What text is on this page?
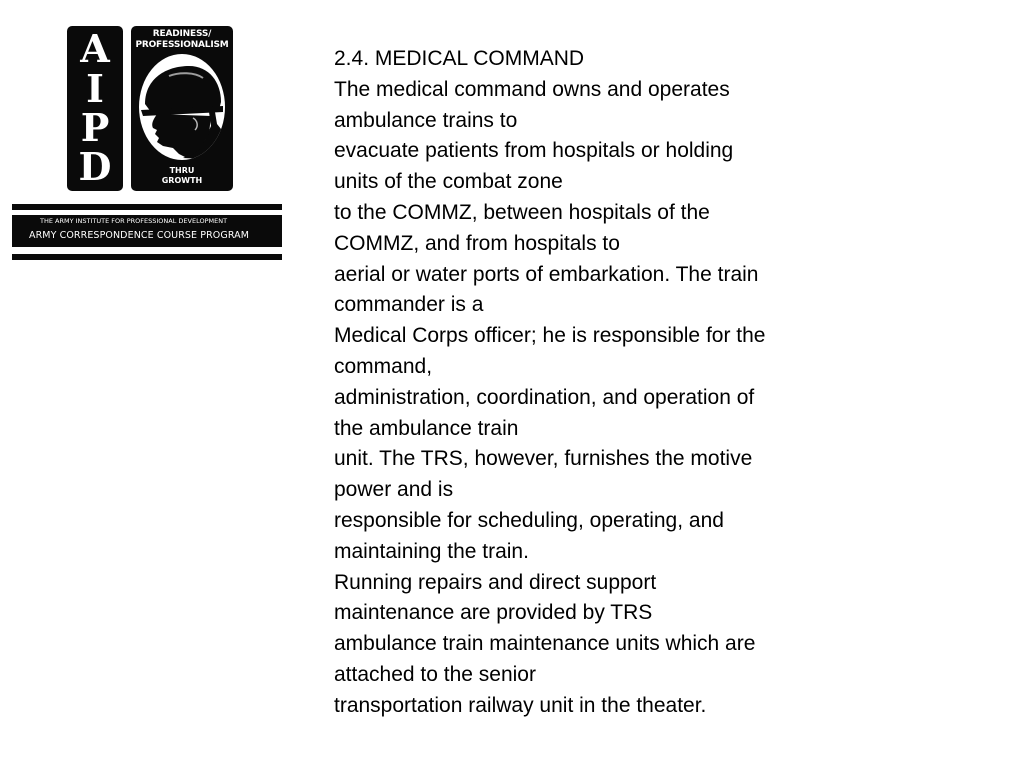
A
I
P
D
READINESS/
PROFESSIONALISM
THRU
GROWTH
THE ARMY INSTITUTE FOR PROFESSIONAL DEVELOPMENT
ARMY CORRESPONDENCE COURSE PROGRAM
2.4. MEDICAL COMMAND
The medical command owns and operates
ambulance trains to
evacuate patients from hospitals or holding
units of the combat zone
to the COMMZ, between hospitals of the
COMMZ, and from hospitals to
aerial or water ports of embarkation. The train
commander is a
Medical Corps officer; he is responsible for the
command,
administration, coordination, and operation of
the ambulance train
unit. The TRS, however, furnishes the motive
power and is
responsible for scheduling, operating, and
maintaining the train.
Running repairs and direct support
maintenance are provided by TRS
ambulance train maintenance units which are
attached to the senior
transportation railway unit in the theater.
